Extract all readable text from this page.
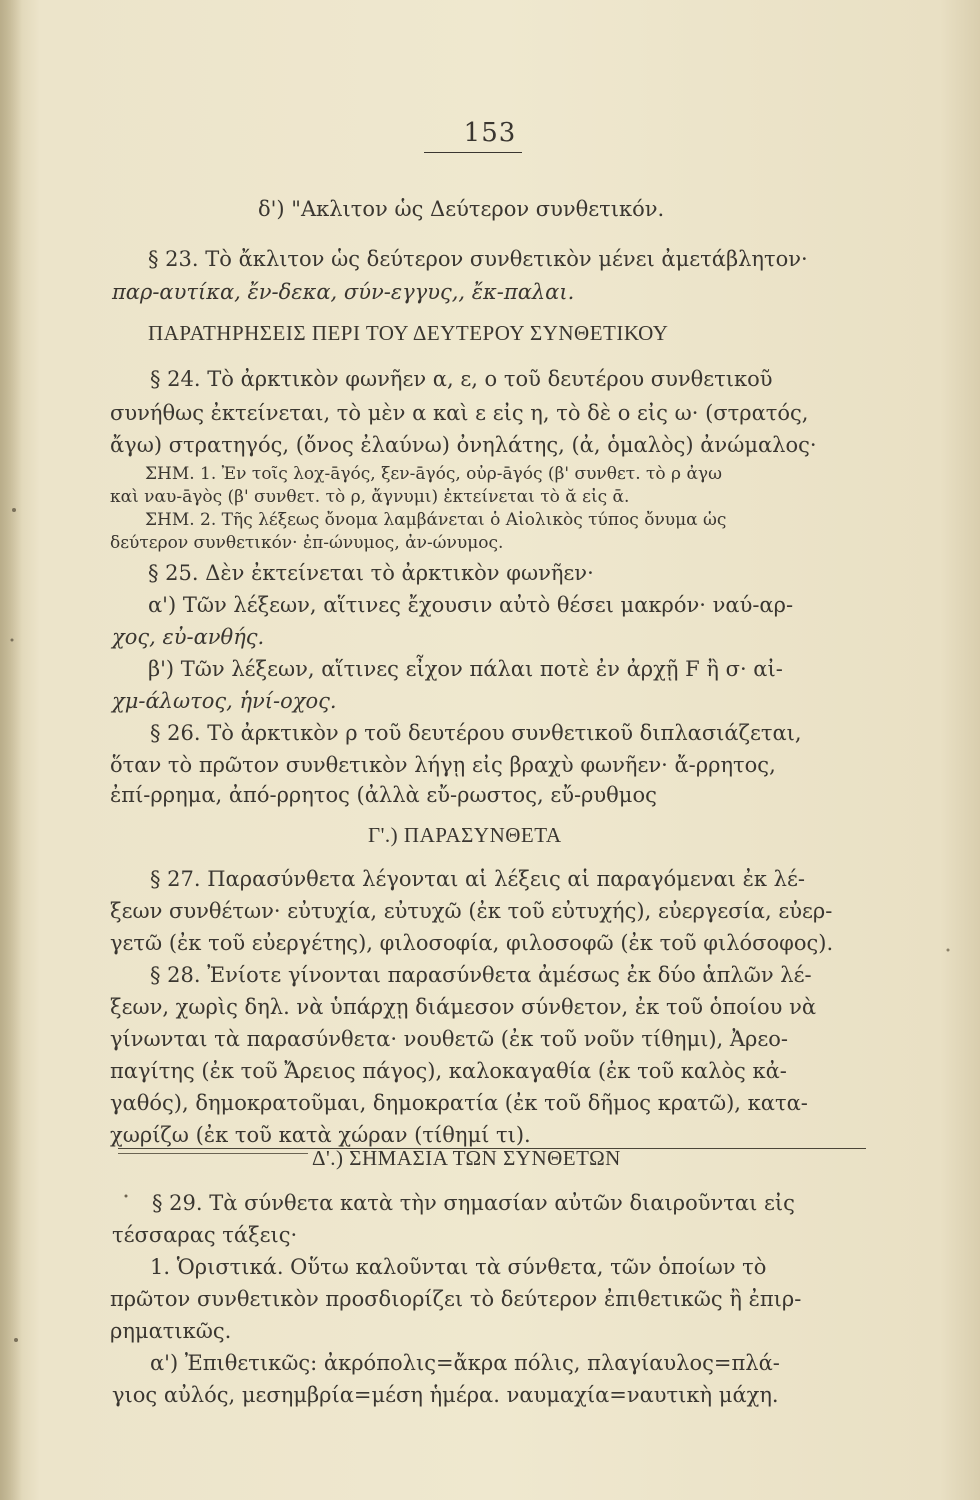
153
δ') "Ακλιτον ὡς Δεύτερον συνθετικόν.
§ 23. Τὸ ἄκλιτον ὡς δεύτερον συνθετικὸν μένει ἀμετάβλητον·
παρ-αυτίκα, ἔν-δεκα, σύν-εγγυς,, ἔκ-παλαι.
ΠΑΡΑΤΗΡΗΣΕΙΣ ΠΕΡΙ ΤΟΥ ΔΕΥΤΕΡΟΥ ΣΥΝΘΕΤΙΚΟΥ
§ 24. Τὸ ἀρκτικὸν φωνῆεν α, ε, ο τοῦ δευτέρου συνθετικοῦ
συνήθως ἐκτείνεται, τὸ μὲν α καὶ ε εἰς η, τὸ δὲ ο εἰς ω· (στρατός,
ἄγω) στρατηγός, (ὄνος ἐλαύνω) ὀνηλάτης, (ἀ, ὁμαλὸς) ἀνώμαλος·
ΣΗΜ. 1. Ἐν τοῖς λοχ-āγός, ξεν-āγός, οὐρ-āγός (β' συνθετ. τὸ ρ ἀγω
καὶ ναυ-āγὸς (β' συνθετ. τὸ ρ, ἄγνυμι) ἐκτείνεται τὸ ᾰ εἰς ᾱ.
ΣΗΜ. 2. Τῆς λέξεως ὄνομα λαμβάνεται ὁ Αἰολικὸς τύπος ὄνυμα ὡς
δεύτερον συνθετικόν· ἐπ-ώνυμος, ἀν-ώνυμος.
§ 25. Δὲν ἐκτείνεται τὸ ἀρκτικὸν φωνῆεν·
α') Τῶν λέξεων, αἵτινες ἔχουσιν αὐτὸ θέσει μακρόν· ναύ-αρ-
χος, εὐ-ανθής.
β') Τῶν λέξεων, αἵτινες εἶχον πάλαι ποτὲ ἐν ἀρχῇ F ἢ σ· αἰ-
χμ-άλωτος, ἡνί-οχος.
§ 26. Τὸ ἀρκτικὸν ρ τοῦ δευτέρου συνθετικοῦ διπλασιάζεται,
ὅταν τὸ πρῶτον συνθετικὸν λήγῃ εἰς βραχὺ φωνῆεν· ἄ-ρρητος,
ἐπί-ρρημα, ἀπό-ρρητος (ἀλλὰ εὔ-ρωστος, εὔ-ρυθμος
Γ'.) ΠΑΡΑΣΥΝΘΕΤΑ
§ 27. Παρασύνθετα λέγονται αἱ λέξεις αἱ παραγόμεναι ἐκ λέ-
ξεων συνθέτων· εὐτυχία, εὐτυχῶ (ἐκ τοῦ εὐτυχής), εὐεργεσία, εὐερ-
γετῶ (ἐκ τοῦ εὐεργέτης), φιλοσοφία, φιλοσοφῶ (ἐκ τοῦ φιλόσοφος).
§ 28. Ἐνίοτε γίνονται παρασύνθετα ἀμέσως ἐκ δύο ἁπλῶν λέ-
ξεων, χωρὶς δηλ. νὰ ὑπάρχῃ διάμεσον σύνθετον, ἐκ τοῦ ὁποίου νὰ
γίνωνται τὰ παρασύνθετα· νουθετῶ (ἐκ τοῦ νοῦν τίθημι), Ἀρεο-
παγίτης (ἐκ τοῦ Ἄρειος πάγος), καλοκαγαθία (ἐκ τοῦ καλὸς κἀ-
γαθός), δημοκρατοῦμαι, δημοκρατία (ἐκ τοῦ δῆμος κρατῶ), κατα-
χωρίζω (ἐκ τοῦ κατὰ χώραν (τίθημί τι).
Δ'.) ΣΗΜΑΣΙΑ ΤΩΝ ΣΥΝΘΕΤΩΝ
§ 29. Τὰ σύνθετα κατὰ τὴν σημασίαν αὐτῶν διαιροῦνται εἰς
τέσσαρας τάξεις·
1. Ὁριστικά. Οὕτω καλοῦνται τὰ σύνθετα, τῶν ὁποίων τὸ
πρῶτον συνθετικὸν προσδιορίζει τὸ δεύτερον ἐπιθετικῶς ἢ ἐπιρ-
ρηματικῶς.
α') Ἐπιθετικῶς: ἀκρόπολις=ἄκρα πόλις, πλαγίαυλος=πλά-
γιος αὐλός, μεσημβρία=μέση ἡμέρα. ναυμαχία=ναυτικὴ μάχη.
